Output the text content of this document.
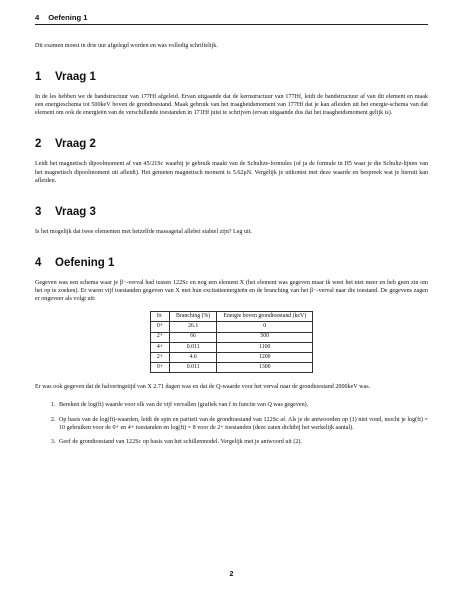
4 Oefening 1

Dit examen moest in drie uur afgelegd worden en was volledig schriftelijk.

1 Vraag 1

In de les hebben we de bandstructuur van 177Hf afgeleid. Ervan uitgaande dat de kernstructuur van 177Hf, leidt de bandstructuur af van dit element en maak een energieschema tot 500keV boven de grondtoestand. Maak gebruik van het traagheidsmoment van 177Hf dat je kan afleiden uit het energie-schema van dat element om ook de energieën van de verschillende toestanden in 171Hf juist te schrijven (ervan uitgaande dus dat het traagheidsmoment gelijk is).

2 Vraag 2

Leidt het magnetisch dipoolmoment af van 45/21Sc waarbij je gebruik maakt van de Schultze-formules (of ja de formule in H5 waar je die Schultz-lijnen van het magnetisch dipoolmoment uit afleidt). Het gemeten magnetisch moment is 5.62μN. Vergelijk je uitkomst met deze waarde en bespreek wat je hieruit kan afleiden.

3 Vraag 3

Is het mogelijk dat twee elementen met hetzelfde massagetal allebei stabiel zijn? Leg uit.

4 Oefening 1

Gegeven was een schema waar je β−-verval had tussen 122Sc en nog een element X (het element was gegeven maar ik weet het niet meer en heb geen zin om het op te zoeken). Er waren vijf toestanden gegeven van X met hun excitatieenergieën en de branching van het β−-verval naar die toestand. De gegevens zagen er ongeveer als volgt uit:

Iπ	Branching (%)	Energie boven grondtoestand (keV)
0+	26.1	0
2+	66	500
4+	0.011	1100
2+	4.6	1200
0+	0.011	1300

Er was ook gegeven dat de halveringstijd van X 2.71 dagen was en dat de Q-waarde voor het verval naar de grondtoestand 2000keV was.

1. Bereken de log(ft) waarde voor elk van de vijf vervallen (grafiek van f in functie van Q was gegeven).
2. Op basis van de log(ft)-waarden, leidt de spin en pariteit van de grondtoestand van 122Sc af. Als je de antwoorden op (1) niet vond, mocht je log(ft) = 10 gebruiken voor de 0+ en 4+ toestanden en log(ft) = 8 voor de 2+ toestanden (deze zaten dichtbij het werkelijk aantal).
3. Geef de grondtoestand van 122Sc op basis van het schillenmodel. Vergelijk met je antwoord uit (2).
2
